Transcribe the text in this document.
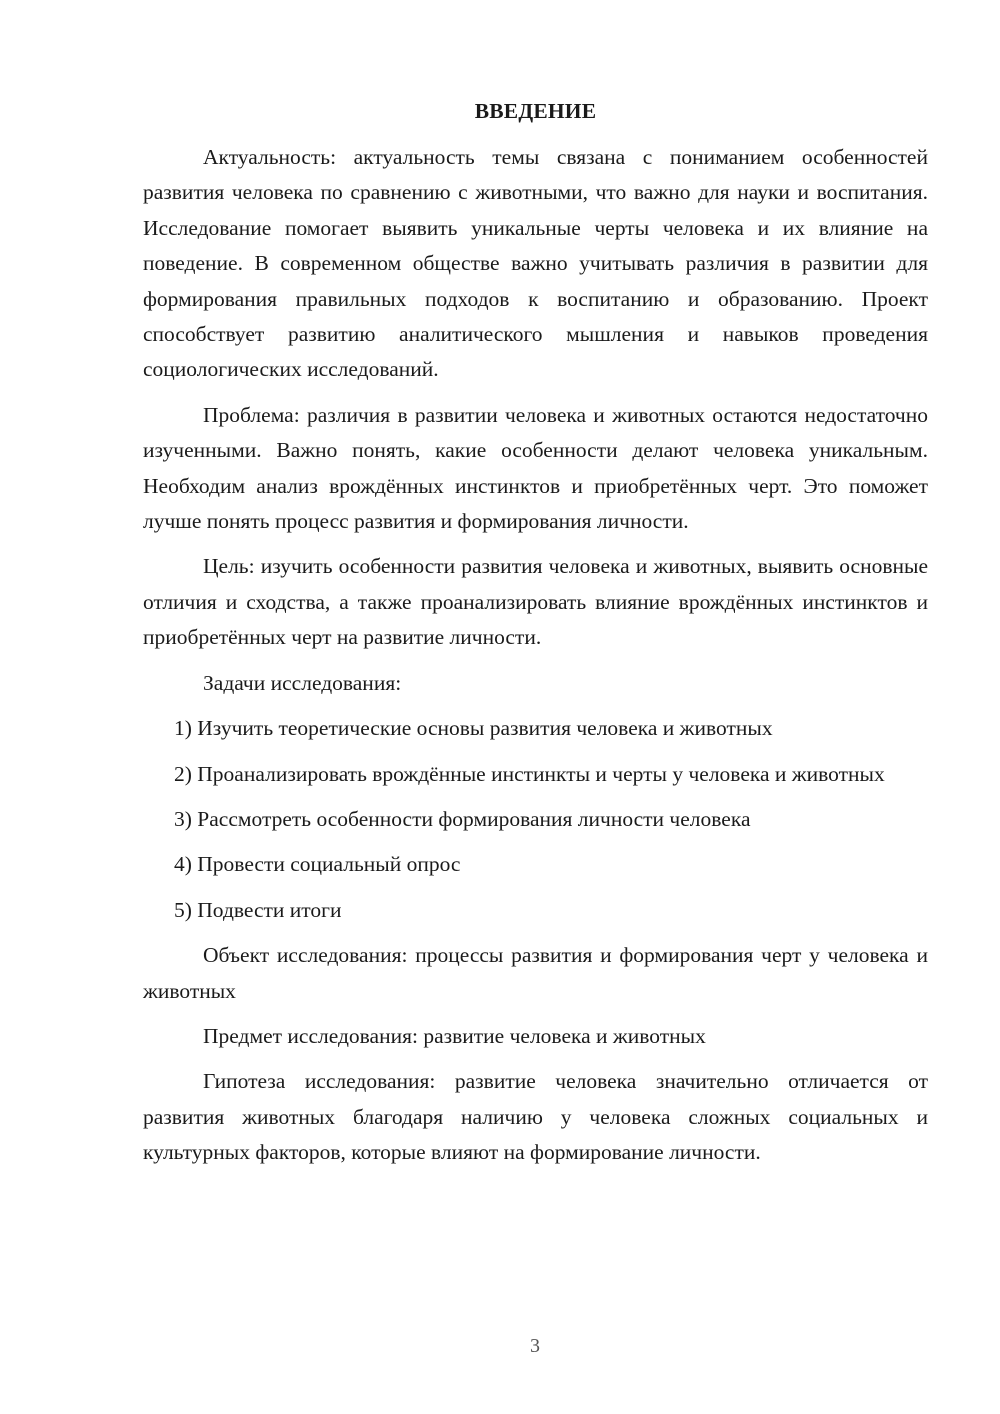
ВВЕДЕНИЕ

Актуальность: актуальность темы связана с пониманием особенностей развития человека по сравнению с животными, что важно для науки и воспитания. Исследование помогает выявить уникальные черты человека и их влияние на поведение. В современном обществе важно учитывать различия в развитии для формирования правильных подходов к воспитанию и образованию. Проект способствует развитию аналитического мышления и навыков проведения социологических исследований.

Проблема: различия в развитии человека и животных остаются недостаточно изученными. Важно понять, какие особенности делают человека уникальным. Необходим анализ врождённых инстинктов и приобретённых черт. Это поможет лучше понять процесс развития и формирования личности.

Цель: изучить особенности развития человека и животных, выявить основные отличия и сходства, а также проанализировать влияние врождённых инстинктов и приобретённых черт на развитие личности.

Задачи исследования:

1) Изучить теоретические основы развития человека и животных

2) Проанализировать врождённые инстинкты и черты у человека и животных

3) Рассмотреть особенности формирования личности человека

4) Провести социальный опрос

5) Подвести итоги

Объект исследования: процессы развития и формирования черт у человека и животных

Предмет исследования: развитие человека и животных

Гипотеза исследования: развитие человека значительно отличается от развития животных благодаря наличию у человека сложных социальных и культурных факторов, которые влияют на формирование личности.

3
